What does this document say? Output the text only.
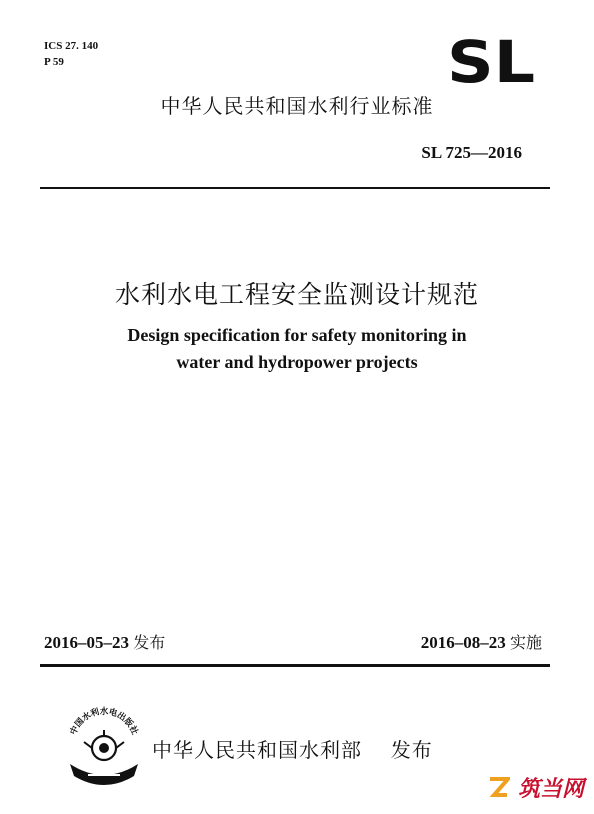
ICS 27. 140
P 59	SL
中华人民共和国水利行业标准
SL 725—2016
水利水电工程安全监测设计规范
Design specification for safety monitoring in
water and hydropower projects
2016–05–23 发布	2016–08–23 实施
中国水利水电出版社
中华人民共和国水利部 发布
筑当网
